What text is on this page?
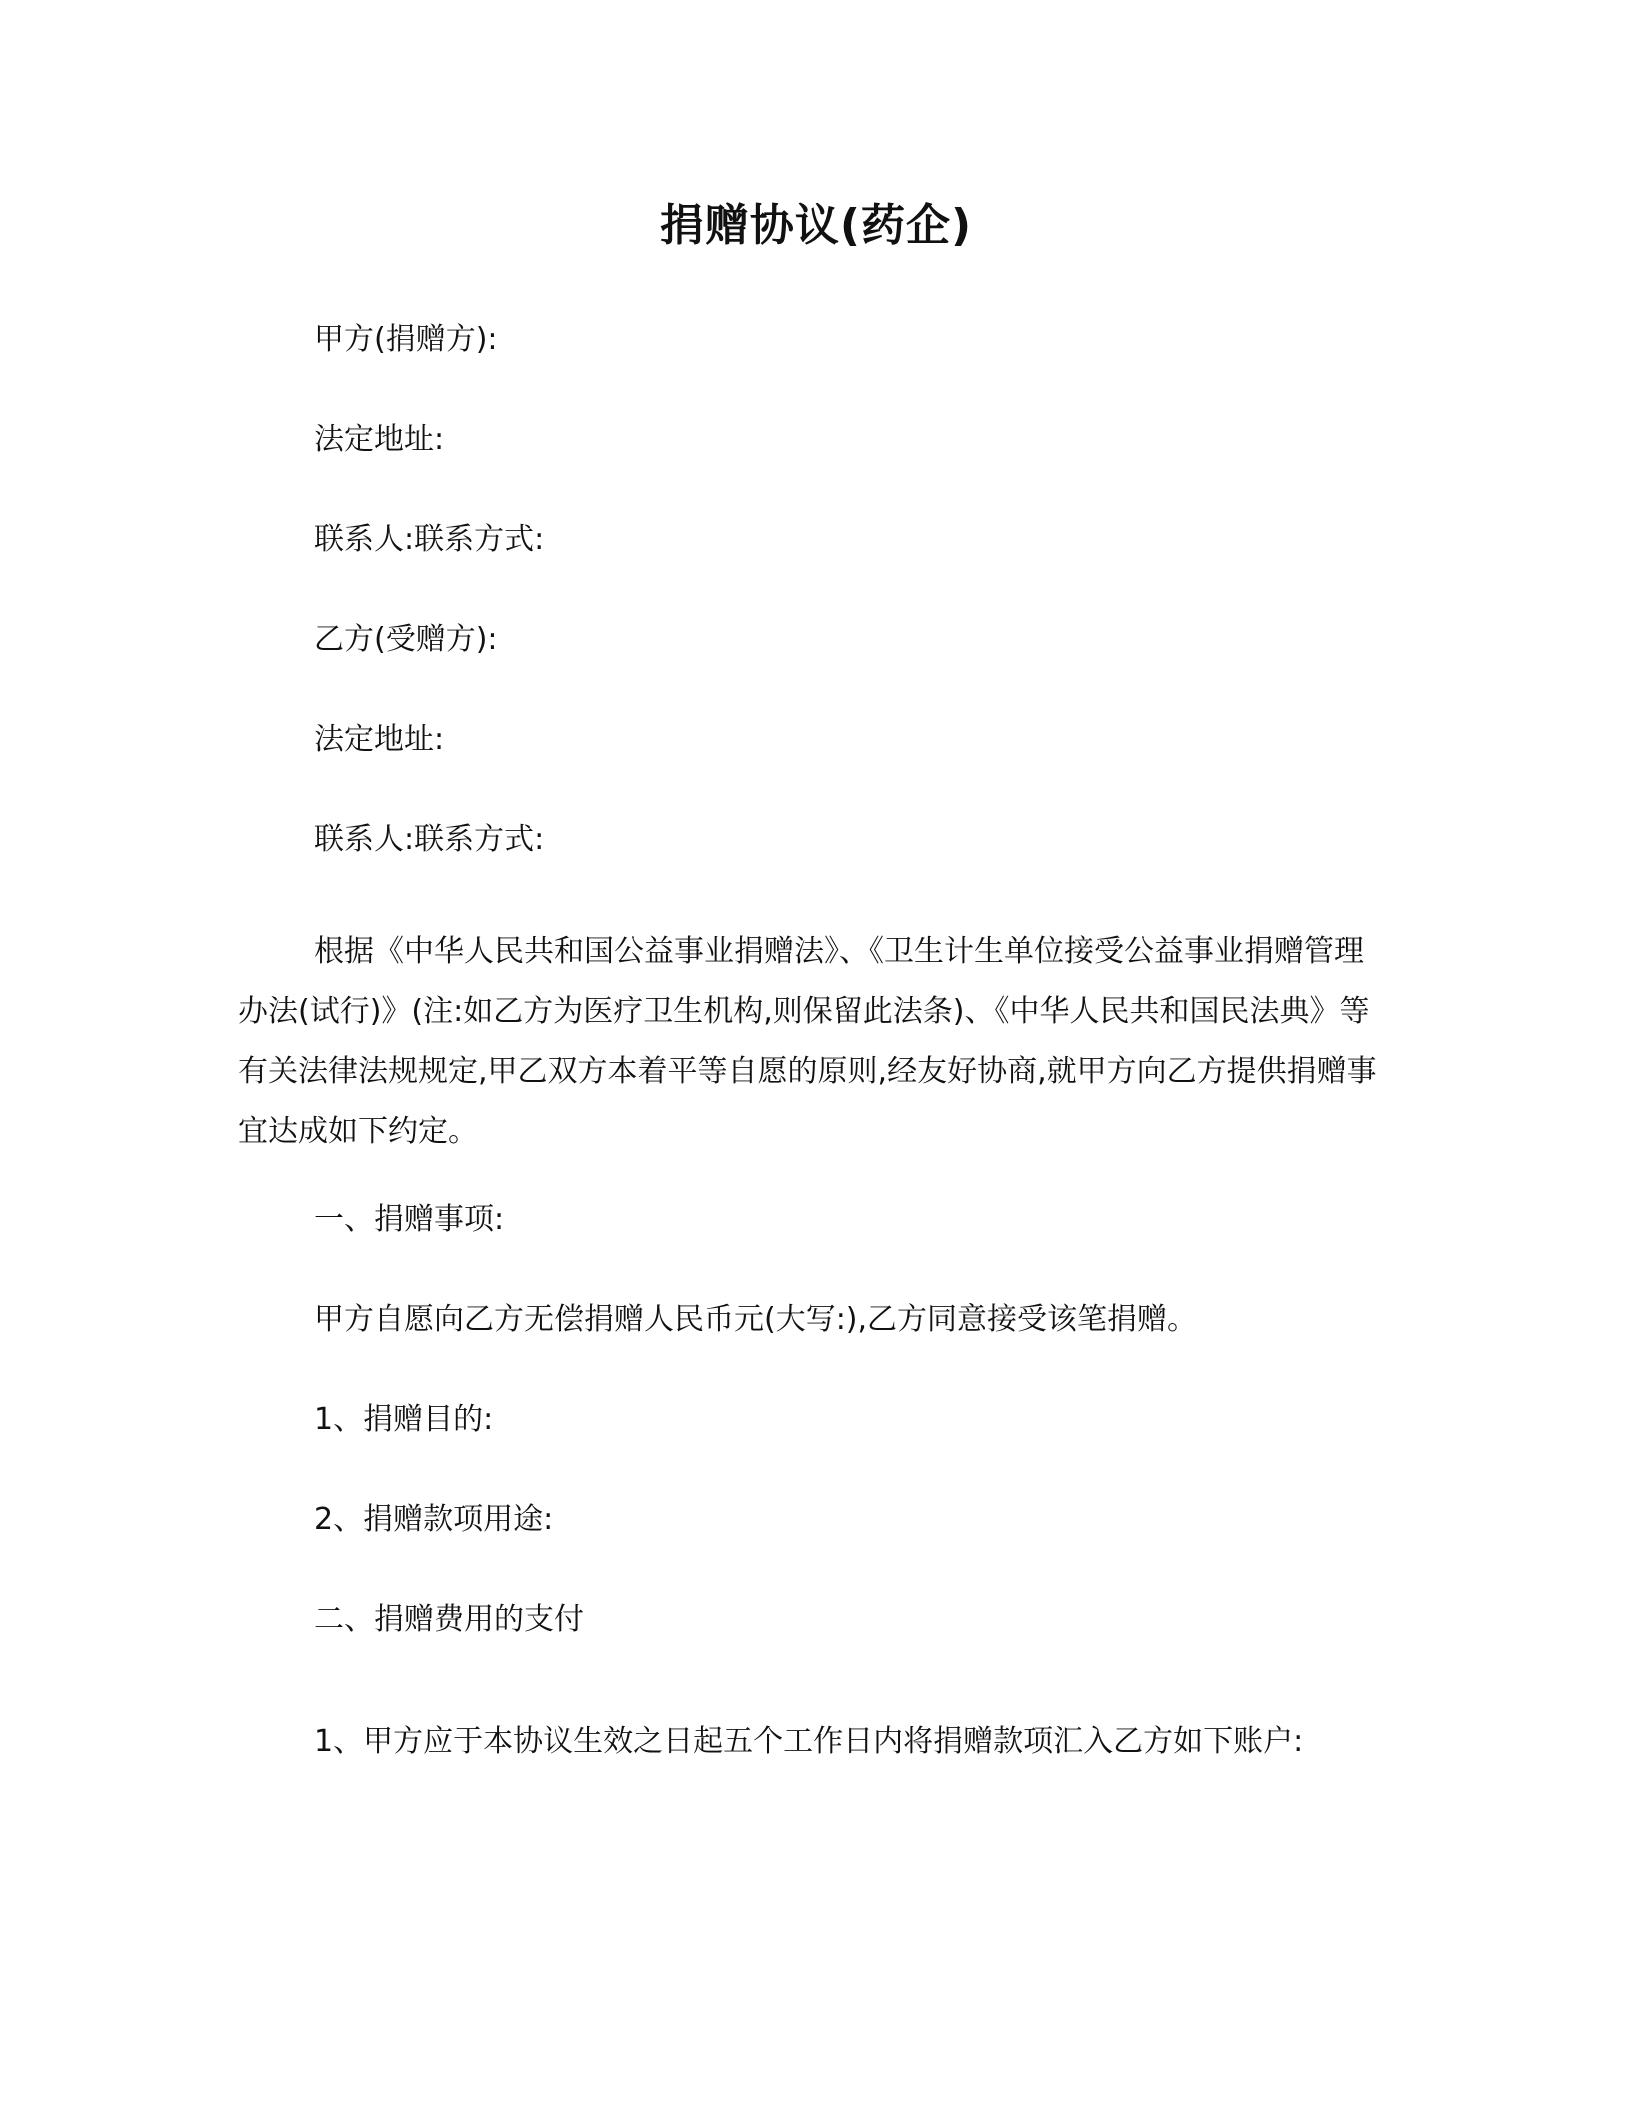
捐赠协议(药企)
甲方(捐赠方):
法定地址:
联系人:联系方式:
乙方(受赠方):
法定地址:
联系人:联系方式:
根据《中华人民共和国公益事业捐赠法》、《卫生计生单位接受公益事业捐赠管理办法(试行)》(注:如乙方为医疗卫生机构,则保留此法条)、《中华人民共和国民法典》等有关法律法规规定,甲乙双方本着平等自愿的原则,经友好协商,就甲方向乙方提供捐赠事宜达成如下约定。
一、捐赠事项:
甲方自愿向乙方无偿捐赠人民币元(大写:),乙方同意接受该笔捐赠。
1、捐赠目的:
2、捐赠款项用途:
二、捐赠费用的支付
1、甲方应于本协议生效之日起五个工作日内将捐赠款项汇入乙方如下账户:
